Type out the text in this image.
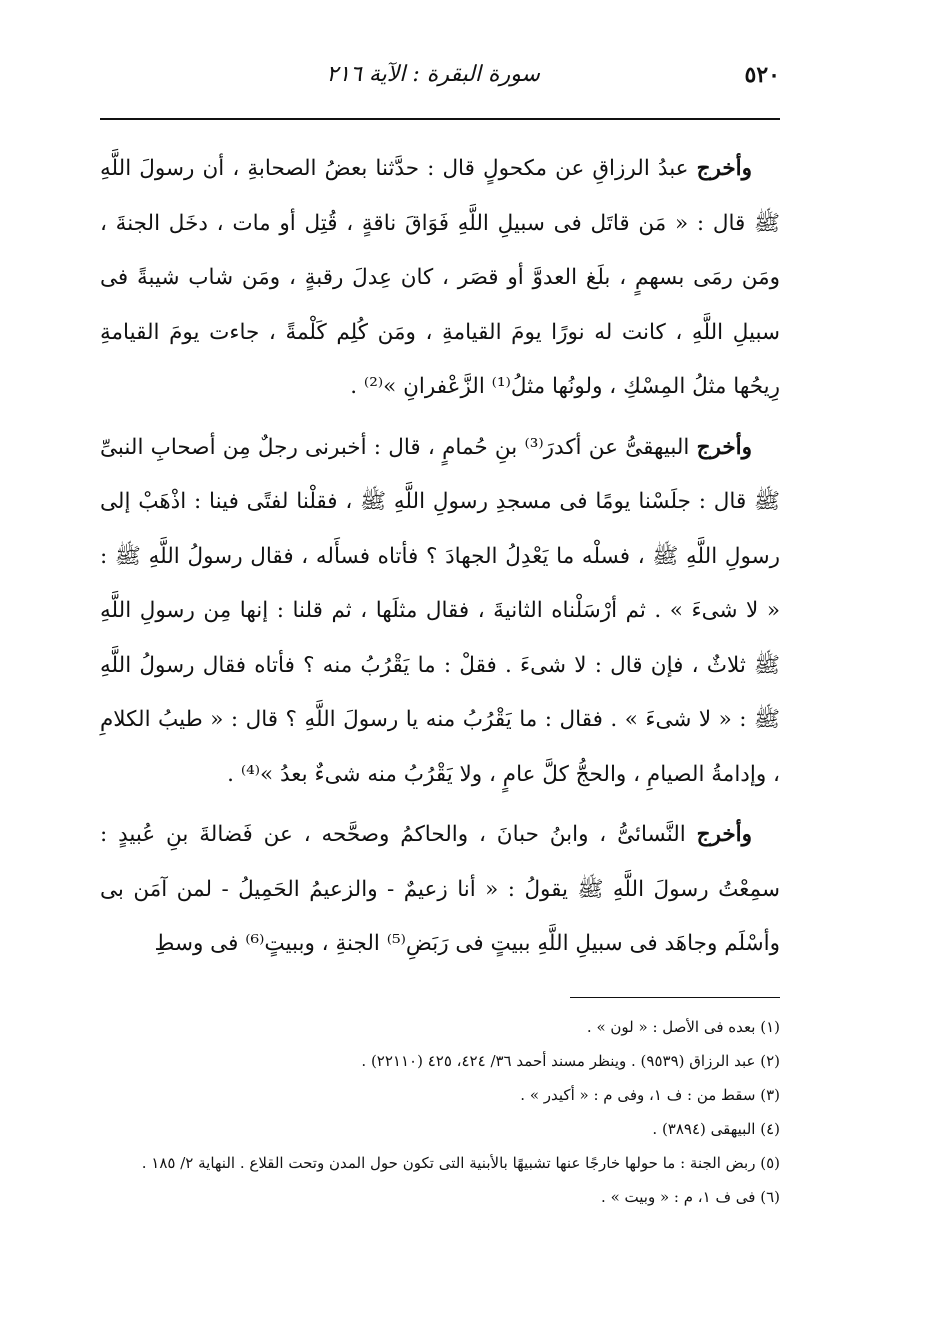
٥٢٠
سورة البقرة : الآية ٢١٦

وأخرج عبدُ الرزاقِ عن مكحولٍ قال : حدَّثنا بعضُ الصحابةِ ، أن رسولَ اللَّهِ ﷺ قال : « مَن قاتَل فى سبيلِ اللَّهِ فَوَاقَ ناقةٍ ، قُتِل أو مات ، دخَل الجنةَ ، ومَن رمَى بسهمٍ ، بلَغ العدوَّ أو قصَر ، كان عِدلَ رقبةٍ ، ومَن شاب شيبةً فى سبيلِ اللَّهِ ، كانت له نورًا يومَ القيامةِ ، ومَن كُلِم كَلْمةً ، جاءت يومَ القيامةِ رِيحُها مثلُ المِسْكِ ، ولونُها مثلُ⁽¹⁾ الزَّعْفرانِ »⁽²⁾ .

وأخرج البيهقىُّ عن أكدرَ⁽³⁾ بنِ حُمامٍ ، قال : أخبرنى رجلٌ مِن أصحابِ النبىِّ ﷺ قال : جلَسْنا يومًا فى مسجدِ رسولِ اللَّهِ ﷺ ، فقلْنا لفتًى فينا : اذْهَبْ إلى رسولِ اللَّهِ ﷺ ، فسلْه ما يَعْدِلُ الجهادَ ؟ فأتاه فسأَله ، فقال رسولُ اللَّهِ ﷺ : « لا شىءَ » . ثم أرْسَلْناه الثانيةَ ، فقال مثلَها ، ثم قلنا : إنها مِن رسولِ اللَّهِ ﷺ ثلاثٌ ، فإن قال : لا شىءَ . فقلْ : ما يَقْرُبُ منه ؟ فأتاه فقال رسولُ اللَّهِ ﷺ : « لا شىءَ » . فقال : ما يَقْرُبُ منه يا رسولَ اللَّهِ ؟ قال : « طيبُ الكلامِ ، وإدامةُ الصيامِ ، والحجُّ كلَّ عامٍ ، ولا يَقْرُبُ منه شىءٌ بعدُ »⁽⁴⁾ .

وأخرج النَّسائىُّ ، وابنُ حبانَ ، والحاكمُ وصحَّحه ، عن فَضالةَ بنِ عُبيدٍ : سمِعْتُ رسولَ اللَّهِ ﷺ يقولُ : « أنا زعيمٌ - والزعيمُ الحَمِيلُ - لمن آمَن بى وأسْلَم وجاهَد فى سبيلِ اللَّهِ ببيتٍ فى رَبَضِ⁽⁵⁾ الجنةِ ، وببيتٍ⁽⁶⁾ فى وسطِ

(١) بعده فى الأصل : « لون » .

(٢) عبد الرزاق (٩٥٣٩) . وينظر مسند أحمد ٣٦/ ٤٢٤، ٤٢٥ (٢٢١١٠) .

(٣) سقط من : ف ١، وفى م : « أكيدر » .

(٤) البيهقى (٣٨٩٤) .

(٥) ربض الجنة : ما حولها خارجًا عنها تشبيهًا بالأبنية التى تكون حول المدن وتحت القلاع . النهاية ٢/ ١٨٥ .

(٦) فى ف ١، م : « وبيت » .
